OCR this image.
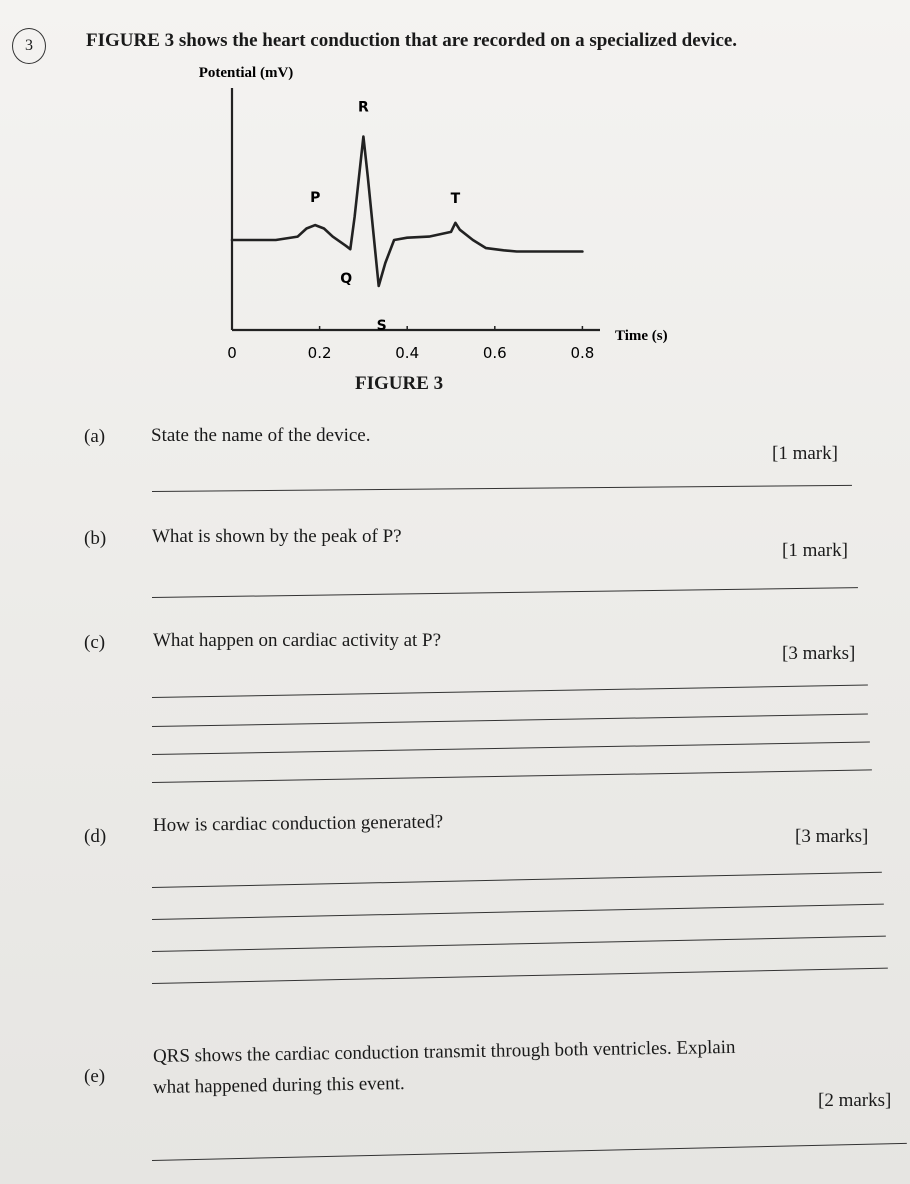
3	FIGURE 3 shows the heart conduction that are recorded on a specialized device.
Potential (mV)
Time (s)
0	0.2	0.4	0.6	0.8
P
Q
R
S
T
FIGURE 3
(a) State the name of the device.
[1 mark]
(b) What is shown by the peak of P?
[1 mark]
(c)	What happen on cardiac activity at P?
[3 marks]
(d)
How is cardiac conduction generated?
[3 marks]
(e)
QRS shows the cardiac conduction transmit through both ventricles. Explain
what happened during this event.
[2 marks]
